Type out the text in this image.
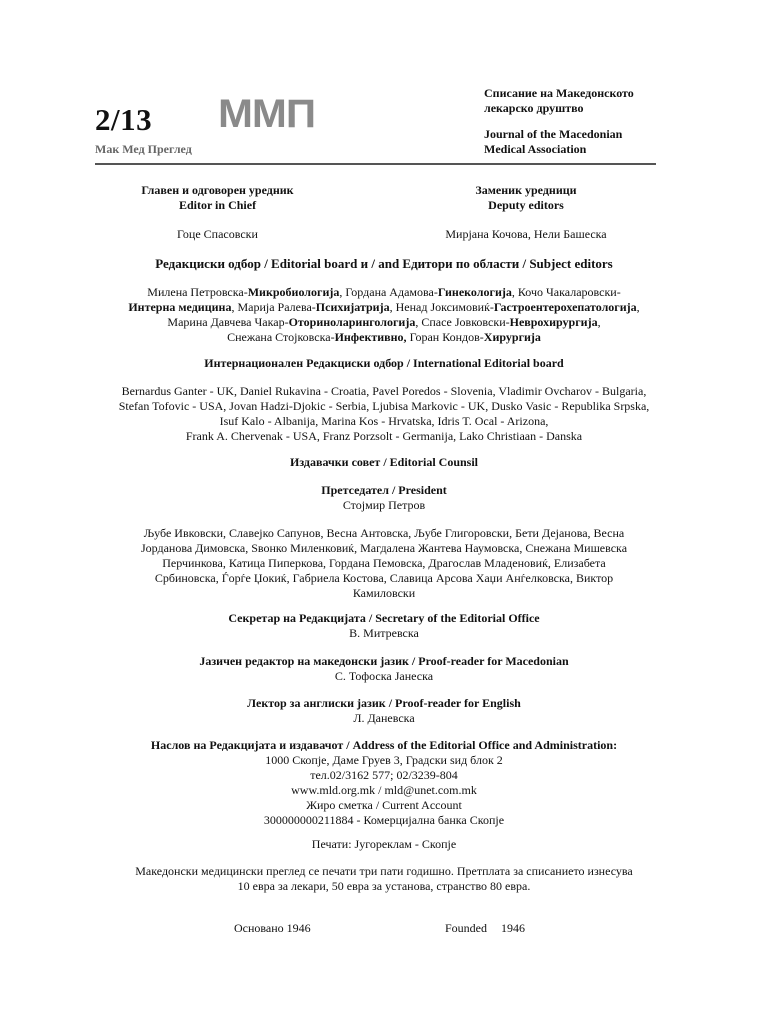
2/13
Мак Мед Преглед
ММП	Списание на Македонското
лекарско друштво
Journal of the Macedonian
Medical Association
Главен и одговорен уредник
Editor in Chief
Гоце Спасовски
Заменик уредници
Deputy editors
Мирјана Кочова, Нели Башеска
Редакциски одбор / Editorial board и / and Едитори по области / Subject editors
Милена Петровска-Микробиологија, Гордана Адамова-Гинекологија, Кочо Чакаларовски-
Интерна медицина, Марија Ралева-Психијатрија, Ненад Јоксимовиќ-Гастроентерохепатологија,
Марина Давчева Чакар-Оториноларингологија, Спасе Јовковски-Неврохирургија,
Снежана Стојковска-Инфективно, Горан Кондов-Хирургија
Интернационален Редакциски одбор / International Editorial board
Bernardus Ganter - UK, Daniel Rukavina - Croatia, Pavel Poredos - Slovenia, Vladimir Ovcharov - Bulgaria,
Stefan Tofovic - USA, Jovan Hadzi-Djokic - Serbia, Ljubisa Markovic - UK, Dusko Vasic - Republika Srpska,
Isuf Kalo - Albanija, Marina Kos - Hrvatska, Idris T. Ocal - Arizona,
Frank A. Chervenak - USA, Franz Porzsolt - Germanija, Lako Christiaan - Danska
Издавачки совет / Editorial Counsil
Претседател / President
Стојмир Петров
Љубе Ивковски, Славејко Сапунов, Весна Антовска, Љубе Глигоровски, Бети Дејанова, Весна
Јорданова Димовска, Ѕвонко Миленковиќ, Магдалена Жантева Наумовска, Снежана Мишевска
Перчинкова, Катица Пиперкова, Гордана Пемовска, Драгослав Младеновиќ, Елизабета
Србиновска, Ѓорѓе Џокиќ, Габриела Костова, Славица Арсова Хаџи Анѓелковска, Виктор
Камиловски
Секретар на Редакцијата / Secretary of the Editorial Office
В. Митревска
Јазичен редактор на македонски јазик / Proof-reader for Macedonian
С. Тофоска Јанеска
Лектор за англиски јазик / Proof-reader for English
Л. Даневска
Наслов на Редакцијата и издавачот / Address of the Editorial Office and Administration:
1000 Скопје, Даме Груев 3, Градски ѕид блок 2
тел.02/3162 577; 02/3239-804
www.mld.org.mk / mld@unet.com.mk
Жиро сметка / Current Account
300000000211884 - Комерцијална банка Скопје
Печати: Југореклам - Скопје
Македонски медицински преглед се печати три пати годишно. Претплата за списанието изнесува
10 евра за лекари, 50 евра за установа, странство 80 евра.
Основано 1946	Founded 1946
